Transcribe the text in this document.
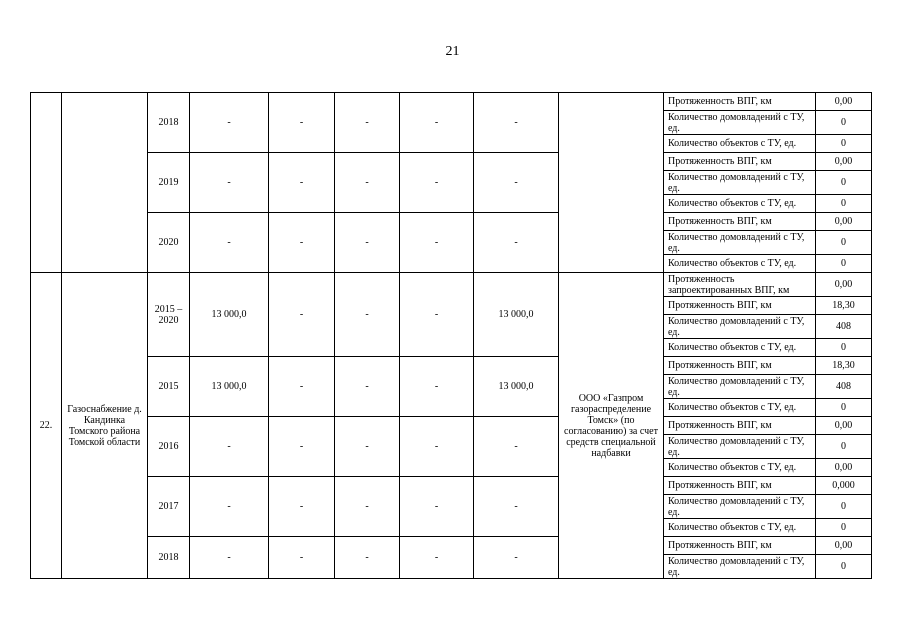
21
		2018	-	-	-	-	-		Протяженность ВПГ, км	0,00
									Количество домовладений с ТУ, ед.	0
									Количество объектов с ТУ, ед.	0
		2019	-	-	-	-	-		Протяженность ВПГ, км	0,00
									Количество домовладений с ТУ, ед.	0
									Количество объектов с ТУ, ед.	0
		2020	-	-	-	-	-		Протяженность ВПГ, км	0,00
									Количество домовладений с ТУ, ед.	0
									Количество объектов с ТУ, ед.	0
22.	Газоснабжение д. Кандинка Томского района Томской области	2015 – 2020	13 000,0	-	-	-	13 000,0	ООО «Газпром газораспределение Томск» (по согласованию) за счет средств специальной надбавки	Протяженность запроектированных ВПГ, км	0,00
									Протяженность ВПГ, км	18,30
									Количество домовладений с ТУ, ед.	408
									Количество объектов с ТУ, ед.	0
		2015	13 000,0	-	-	-	13 000,0		Протяженность ВПГ, км	18,30
									Количество домовладений с ТУ, ед.	408
									Количество объектов с ТУ, ед.	0
		2016	-	-	-	-	-		Протяженность ВПГ, км	0,00
									Количество домовладений с ТУ, ед.	0
									Количество объектов с ТУ, ед.	0,00
		2017	-	-	-	-	-		Протяженность ВПГ, км	0,000
									Количество домовладений с ТУ, ед.	0
									Количество объектов с ТУ, ед.	0
		2018	-	-	-	-	-		Протяженность ВПГ, км	0,00
									Количество домовладений с ТУ, ед.	0
